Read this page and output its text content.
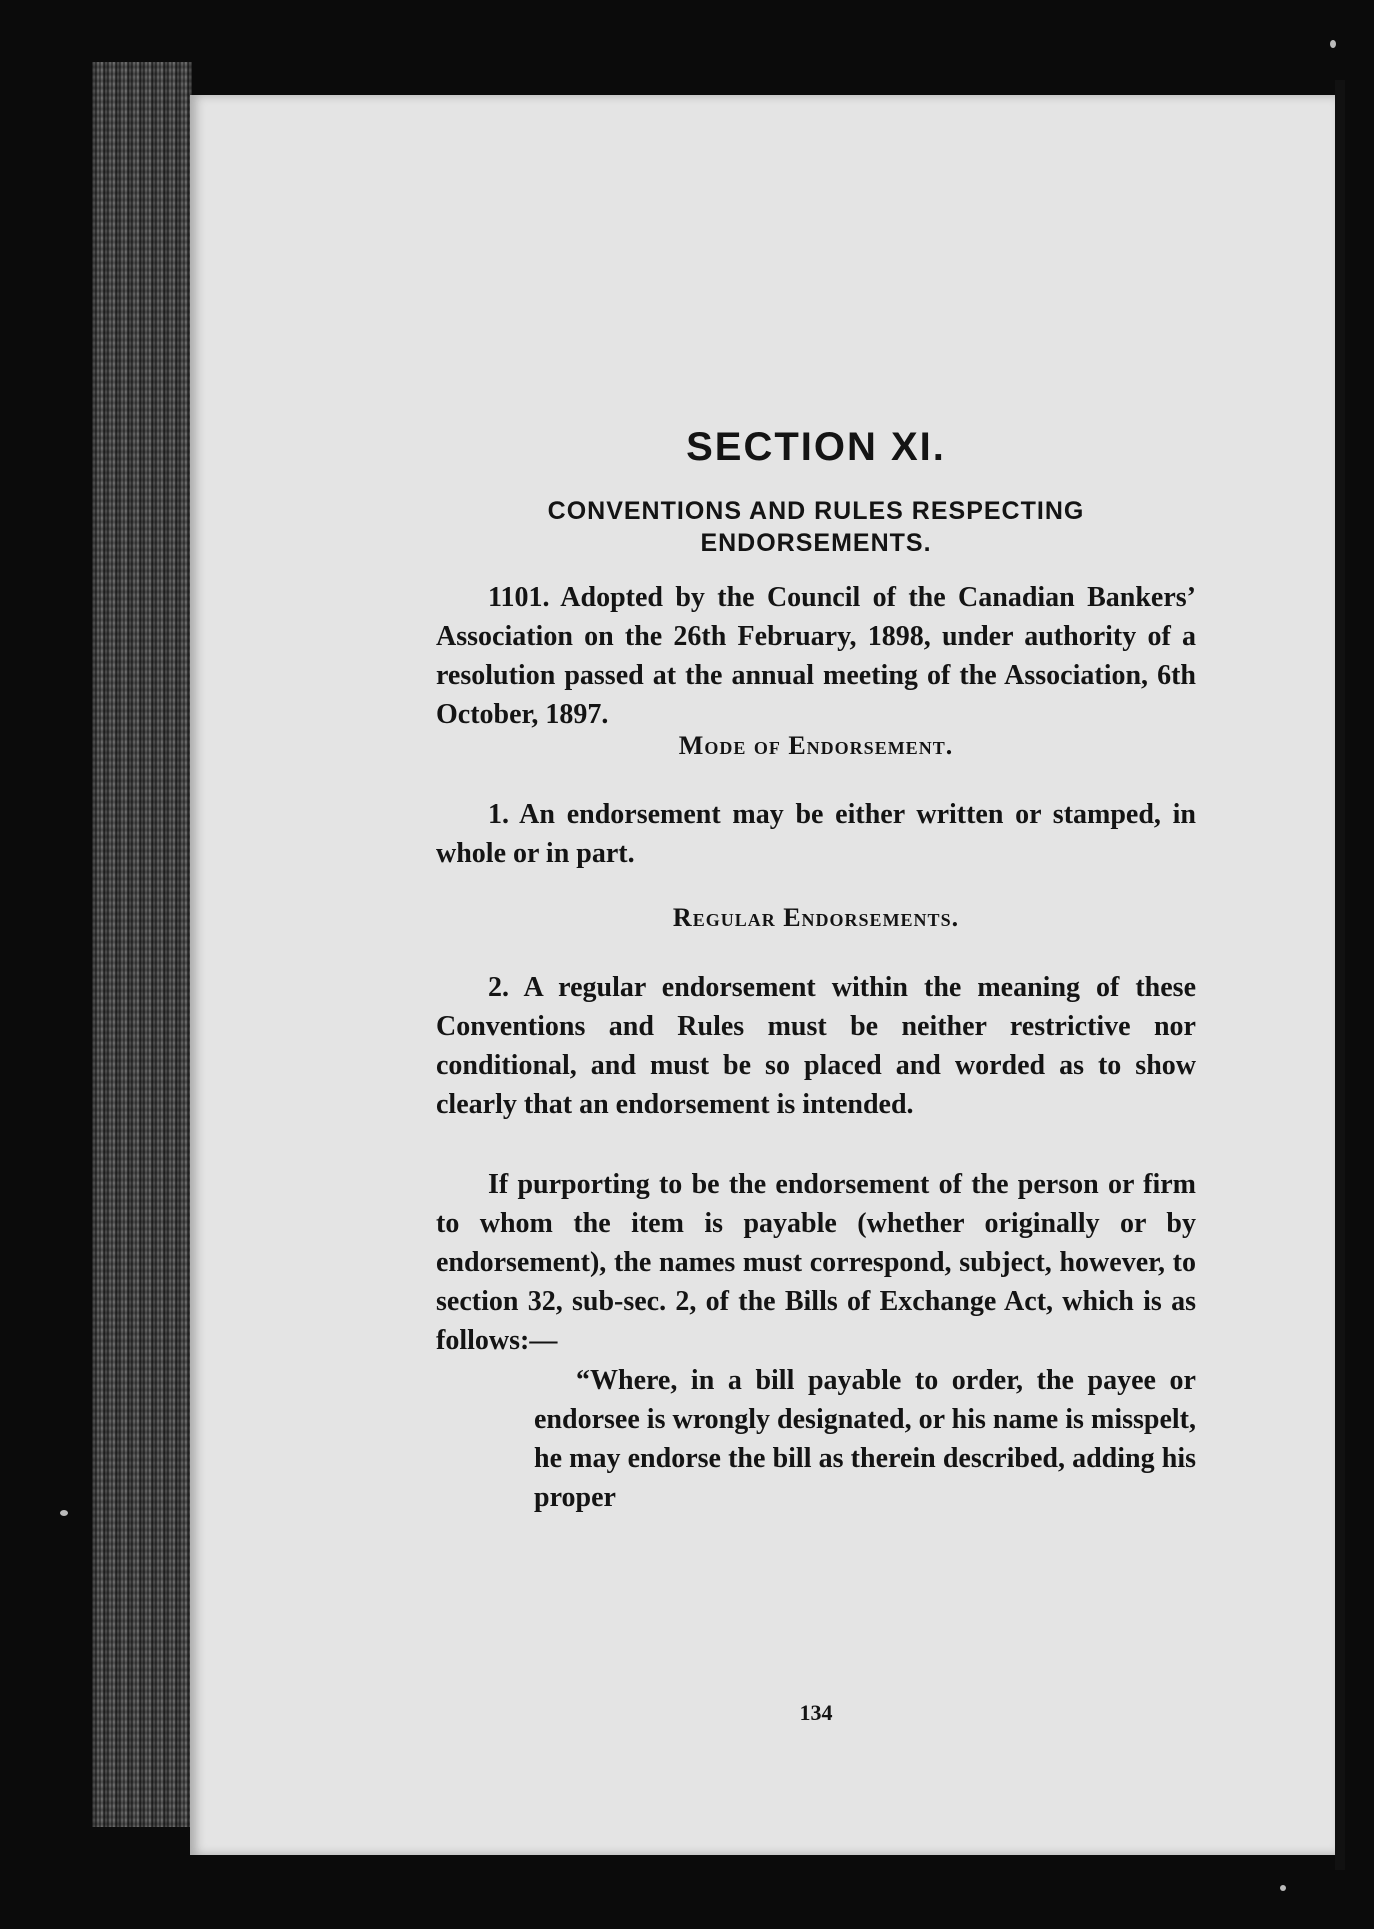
SECTION XI.
CONVENTIONS AND RULES RESPECTING ENDORSEMENTS.

1101. Adopted by the Council of the Canadian Bankers’ Association on the 26th February, 1898, under authority of a resolution passed at the annual meeting of the Association, 6th October, 1897.

Mode of Endorsement.

1. An endorsement may be either written or stamped, in whole or in part.

Regular Endorsements.

2. A regular endorsement within the meaning of these Conventions and Rules must be neither restrictive nor conditional, and must be so placed and worded as to show clearly that an endorsement is intended.

If purporting to be the endorsement of the person or firm to whom the item is payable (whether originally or by endorsement), the names must correspond, subject, however, to section 32, sub-sec. 2, of the Bills of Exchange Act, which is as follows:—

“Where, in a bill payable to order, the payee or endorsee is wrongly designated, or his name is misspelt, he may endorse the bill as therein described, adding his proper

134
